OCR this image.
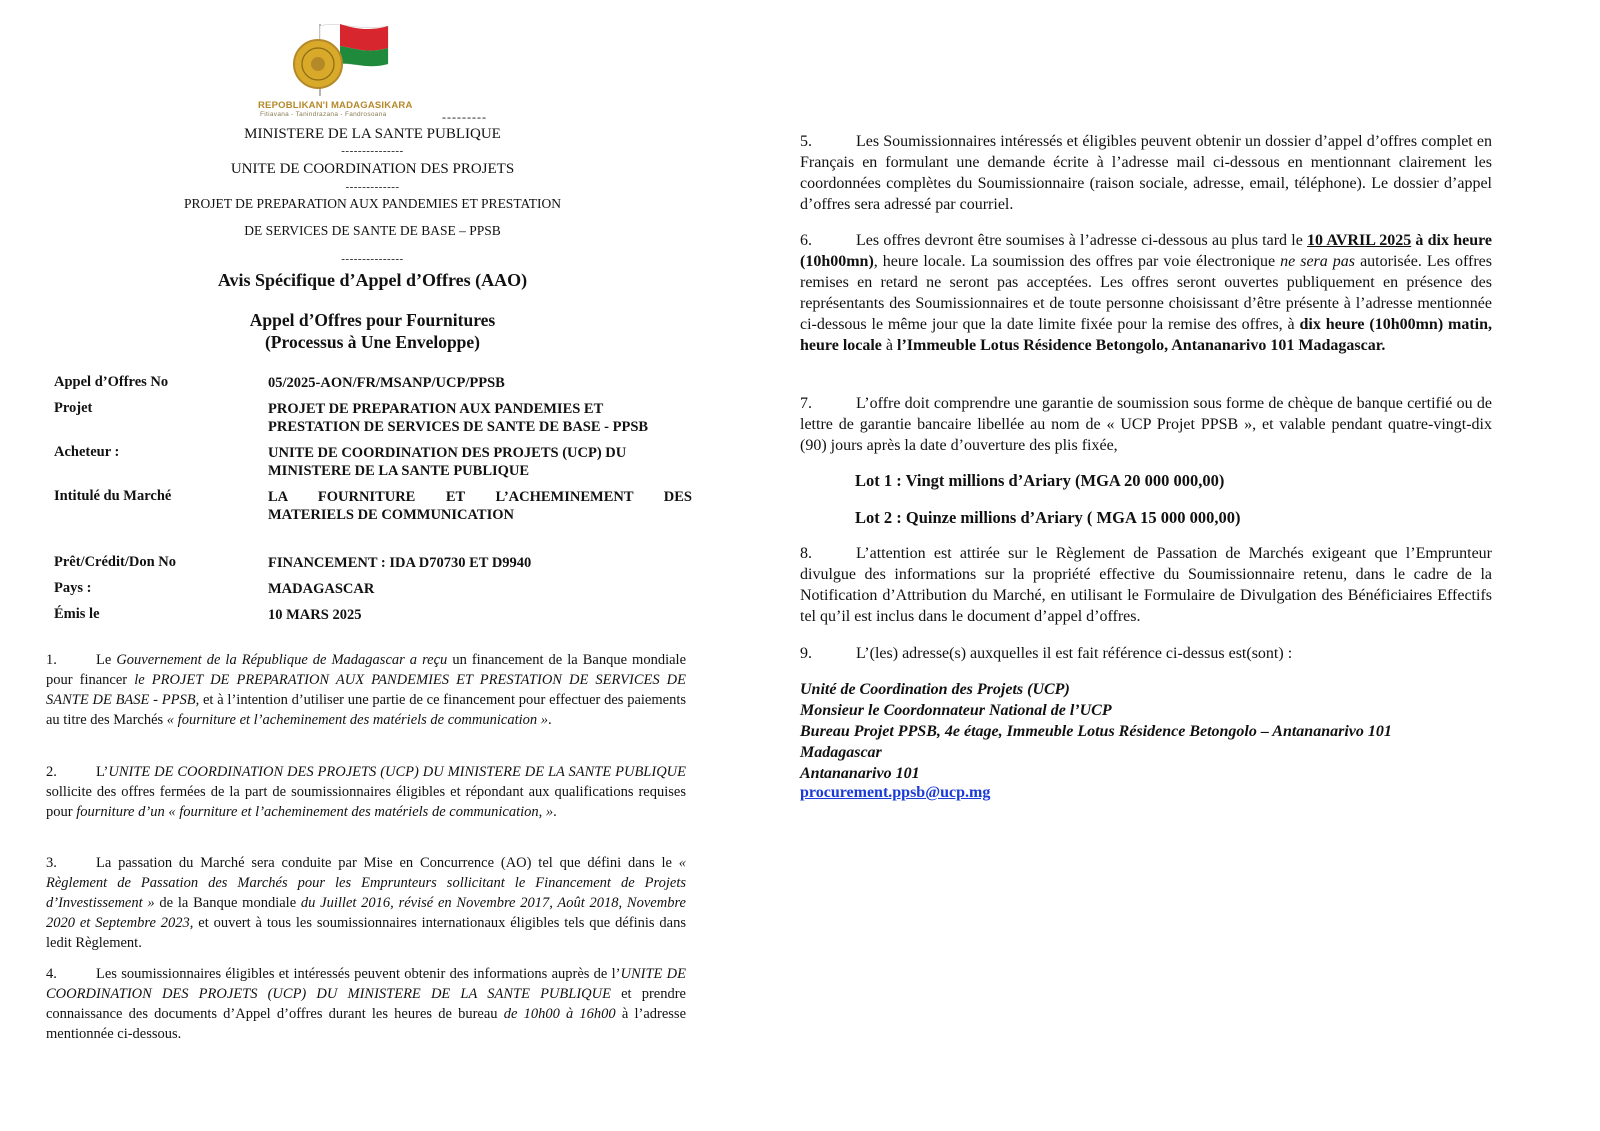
REPOBLIKAN'I MADAGASIKARA
Fitiavana - Tanindrazana - Fandrosoana	---------
MINISTERE DE LA SANTE PUBLIQUE
---------------
UNITE DE COORDINATION DES PROJETS
-------------
PROJET DE PREPARATION AUX PANDEMIES ET PRESTATION
DE SERVICES DE SANTE DE BASE – PPSB
---------------
Avis Spécifique d’Appel d’Offres (AAO)
Appel d’Offres pour Fournitures
(Processus à Une Enveloppe)
Appel d’Offres No	05/2025-AON/FR/MSANP/UCP/PPSB
Projet	PROJET DE PREPARATION AUX PANDEMIES ET PRESTATION DE SERVICES DE SANTE DE BASE - PPSB
Acheteur :	UNITE DE COORDINATION DES PROJETS (UCP) DU MINISTERE DE LA SANTE PUBLIQUE
Intitulé du Marché	LA FOURNITURE ET L’ACHEMINEMENT DES
MATERIELS DE COMMUNICATION
Prêt/Crédit/Don No	FINANCEMENT : IDA D70730 ET D9940
Pays :	MADAGASCAR
Émis le	10 MARS 2025
1.	Le Gouvernement de la République de Madagascar a reçu un financement de la Banque mondiale pour financer le PROJET DE PREPARATION AUX PANDEMIES ET PRESTATION DE SERVICES DE SANTE DE BASE - PPSB, et à l’intention d’utiliser une partie de ce financement pour effectuer des paiements au titre des Marchés « fourniture et l’acheminement des matériels de communication ».
2.	L’UNITE DE COORDINATION DES PROJETS (UCP) DU MINISTERE DE LA SANTE PUBLIQUE sollicite des offres fermées de la part de soumissionnaires éligibles et répondant aux qualifications requises pour fourniture d’un « fourniture et l’acheminement des matériels de communication, ».
3.	La passation du Marché sera conduite par Mise en Concurrence (AO) tel que défini dans le « Règlement de Passation des Marchés pour les Emprunteurs sollicitant le Financement de Projets d’Investissement » de la Banque mondiale du Juillet 2016, révisé en Novembre 2017, Août 2018, Novembre 2020 et Septembre 2023, et ouvert à tous les soumissionnaires internationaux éligibles tels que définis dans ledit Règlement.
4.	Les soumissionnaires éligibles et intéressés peuvent obtenir des informations auprès de l’UNITE DE COORDINATION DES PROJETS (UCP) DU MINISTERE DE LA SANTE PUBLIQUE et prendre connaissance des documents d’Appel d’offres durant les heures de bureau de 10h00 à 16h00 à l’adresse mentionnée ci-dessous.
5.	Les Soumissionnaires intéressés et éligibles peuvent obtenir un dossier d’appel d’offres complet en Français en formulant une demande écrite à l’adresse mail ci-dessous en mentionnant clairement les coordonnées complètes du Soumissionnaire (raison sociale, adresse, email, téléphone). Le dossier d’appel d’offres sera adressé par courriel.
6.	Les offres devront être soumises à l’adresse ci-dessous au plus tard le 10 AVRIL 2025 à dix heure (10h00mn), heure locale. La soumission des offres par voie électronique ne sera pas autorisée. Les offres remises en retard ne seront pas acceptées. Les offres seront ouvertes publiquement en présence des représentants des Soumissionnaires et de toute personne choisissant d’être présente à l’adresse mentionnée ci-dessous le même jour que la date limite fixée pour la remise des offres, à dix heure (10h00mn) matin, heure locale à l’Immeuble Lotus Résidence Betongolo, Antananarivo 101 Madagascar.
7.	L’offre doit comprendre une garantie de soumission sous forme de chèque de banque certifié ou de lettre de garantie bancaire libellée au nom de « UCP Projet PPSB », et valable pendant quatre-vingt-dix (90) jours après la date d’ouverture des plis fixée,
Lot 1 : Vingt millions d’Ariary (MGA 20 000 000,00)
Lot 2 : Quinze millions d’Ariary ( MGA 15 000 000,00)
8.	L’attention est attirée sur le Règlement de Passation de Marchés exigeant que l’Emprunteur divulgue des informations sur la propriété effective du Soumissionnaire retenu, dans le cadre de la Notification d’Attribution du Marché, en utilisant le Formulaire de Divulgation des Bénéficiaires Effectifs tel qu’il est inclus dans le document d’appel d’offres.
9.	L’(les) adresse(s) auxquelles il est fait référence ci-dessus est(sont) :
Unité de Coordination des Projets (UCP)
Monsieur le Coordonnateur National de l’UCP
Bureau Projet PPSB, 4e étage, Immeuble Lotus Résidence Betongolo – Antananarivo 101
Madagascar
Antananarivo 101
procurement.ppsb@ucp.mg
